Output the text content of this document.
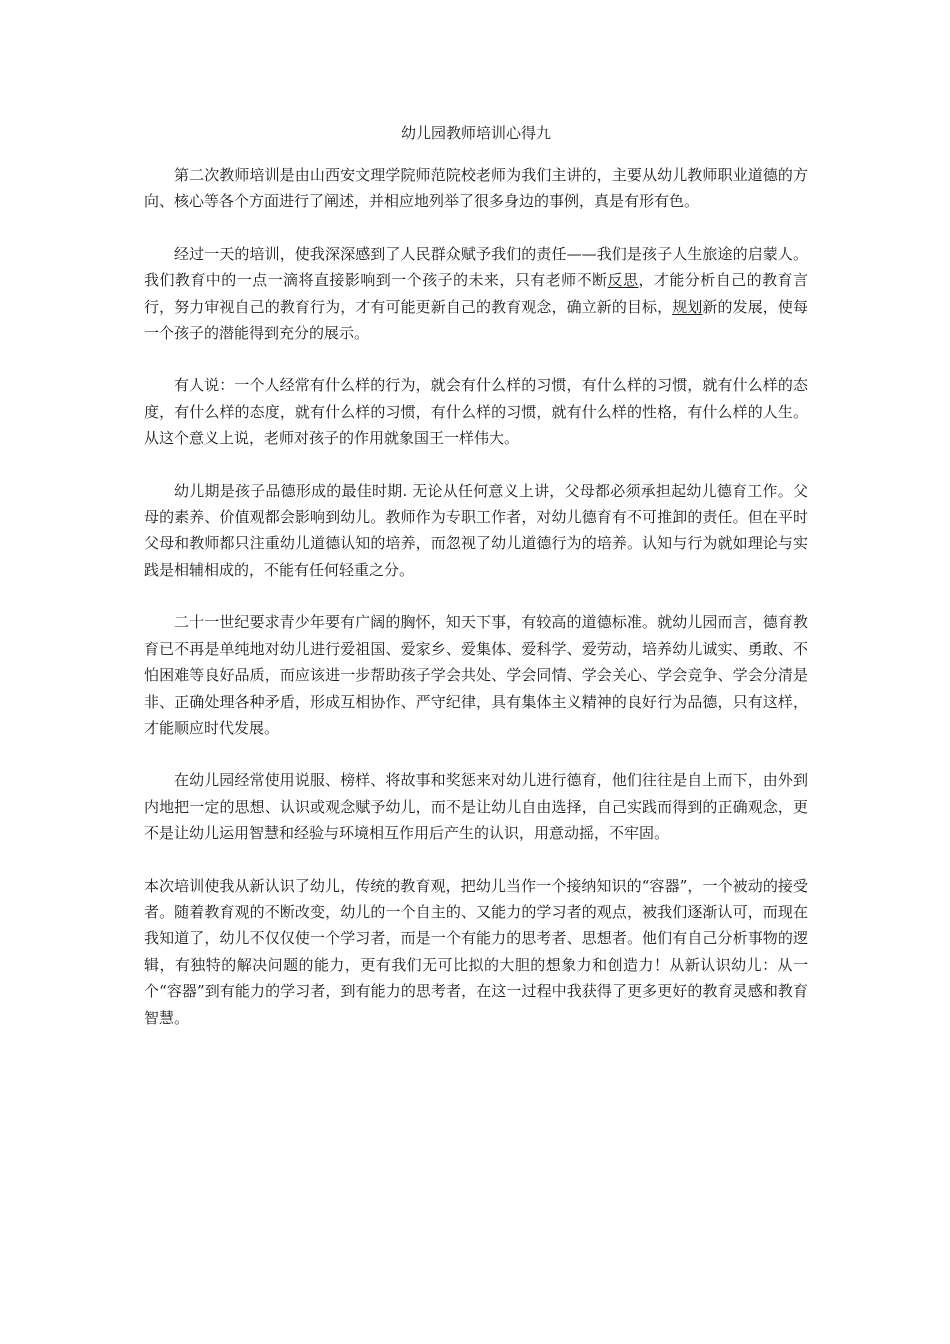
幼儿园教师培训心得九

第二次教师培训是由山西安文理学院师范院校老师为我们主讲的，主要从幼儿教师职业道德的方向、核心等各个方面进行了阐述，并相应地列举了很多身边的事例，真是有形有色。

经过一天的培训，使我深深感到了人民群众赋予我们的责任——我们是孩子人生旅途的启蒙人。我们教育中的一点一滴将直接影响到一个孩子的未来，只有老师不断反思，才能分析自己的教育言行，努力审视自己的教育行为，才有可能更新自己的教育观念，确立新的目标，规划新的发展，使每一个孩子的潜能得到充分的展示。

有人说：一个人经常有什么样的行为，就会有什么样的习惯，有什么样的习惯，就有什么样的态度，有什么样的态度，就有什么样的习惯，有什么样的习惯，就有什么样的性格，有什么样的人生。从这个意义上说，老师对孩子的作用就象国王一样伟大。

幼儿期是孩子品德形成的最佳时期. 无论从任何意义上讲，父母都必须承担起幼儿德育工作。父母的素养、价值观都会影响到幼儿。教师作为专职工作者，对幼儿德育有不可推卸的责任。但在平时父母和教师都只注重幼儿道德认知的培养，而忽视了幼儿道德行为的培养。认知与行为就如理论与实践是相辅相成的，不能有任何轻重之分。

二十一世纪要求青少年要有广阔的胸怀，知天下事，有较高的道德标准。就幼儿园而言，德育教育已不再是单纯地对幼儿进行爱祖国、爱家乡、爱集体、爱科学、爱劳动，培养幼儿诚实、勇敢、不怕困难等良好品质，而应该进一步帮助孩子学会共处、学会同情、学会关心、学会竞争、学会分清是非、正确处理各种矛盾，形成互相协作、严守纪律，具有集体主义精神的良好行为品德，只有这样，才能顺应时代发展。

在幼儿园经常使用说服、榜样、将故事和奖惩来对幼儿进行德育，他们往往是自上而下，由外到内地把一定的思想、认识或观念赋予幼儿，而不是让幼儿自由选择，自己实践而得到的正确观念，更不是让幼儿运用智慧和经验与环境相互作用后产生的认识，用意动摇，不牢固。

本次培训使我从新认识了幼儿，传统的教育观，把幼儿当作一个接纳知识的“容器”，一个被动的接受者。随着教育观的不断改变，幼儿的一个自主的、又能力的学习者的观点，被我们逐渐认可，而现在我知道了，幼儿不仅仅使一个学习者，而是一个有能力的思考者、思想者。他们有自己分析事物的逻辑，有独特的解决问题的能力，更有我们无可比拟的大胆的想象力和创造力！从新认识幼儿：从一个“容器”到有能力的学习者，到有能力的思考者，在这一过程中我获得了更多更好的教育灵感和教育智慧。
